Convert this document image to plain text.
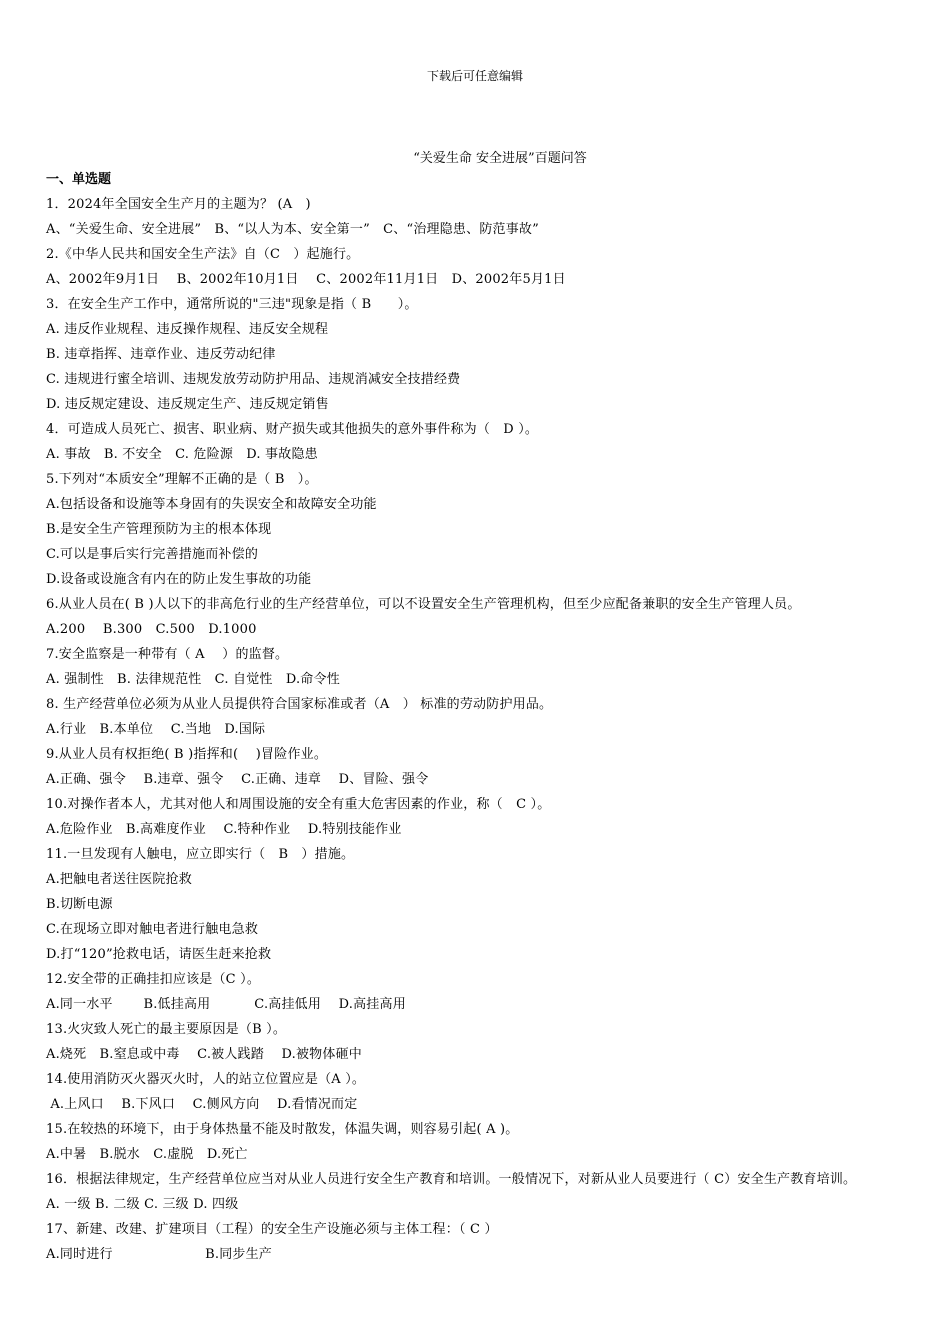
下载后可任意编辑
“关爱生命 安全进展”百题问答
一、单选题
1．2024年全国安全生产月的主题为？ (A　)
A、“关爱生命、安全进展”　B、“以人为本、安全第一”　C、“治理隐患、防范事故”
2.《中华人民共和国安全生产法》自（C　）起施行。
A、2002年9月1日　 B、2002年10月1日　 C、2002年11月1日　D、2002年5月1日
3．在安全生产工作中，通常所说的"三违"现象是指（ B　　）。
A. 违反作业规程、违反操作规程、违反安全规程
B. 违章指挥、违章作业、违反劳动纪律
C. 违规进行蜜全培训、违规发放劳动防护用品、违规消减安全技措经费
D. 违反规定建设、违反规定生产、违反规定销售
4．可造成人员死亡、损害、职业病、财产损失或其他损失的意外事件称为（　D ）。
A. 事故　B. 不安全　C. 危险源　D. 事故隐患
5.下列对“本质安全”理解不正确的是（ B　）。
A.包括设备和设施等本身固有的失误安全和故障安全功能
B.是安全生产管理预防为主的根本体现
C.可以是事后实行完善措施而补偿的
D.设备或设施含有内在的防止发生事故的功能
6.从业人员在( B )人以下的非高危行业的生产经营单位，可以不设置安全生产管理机构，但至少应配备兼职的安全生产管理人员。
A.200　 B.300　C.500　D.1000
7.安全监察是一种带有（ A　 ）的监督。
A. 强制性　B. 法律规范性　C. 自觉性　D.命令性
8. 生产经营单位必须为从业人员提供符合国家标准或者（A　） 标准的劳动防护用品。
A.行业　B.本单位　 C.当地　D.国际
9.从业人员有权拒绝( B )指挥和(　 )冒险作业。
A.正确、强令　 B.违章、强令　 C.正确、违章　 D、冒险、强令
10.对操作者本人，尤其对他人和周围设施的安全有重大危害因素的作业，称（　C ）。
A.危险作业　B.高难度作业　 C.特种作业　 D.特别技能作业
11.一旦发现有人触电，应立即实行（　B　）措施。
A.把触电者送往医院抢救
B.切断电源
C.在现场立即对触电者进行触电急救
D.打“120”抢救电话，请医生赶来抢救
12.安全带的正确挂扣应该是（C ）。
A.同一水平　　 B.低挂高用　　　 C.高挂低用　 D.高挂高用
13.火灾致人死亡的最主要原因是（B ）。
A.烧死　B.窒息或中毒　 C.被人践踏　 D.被物体砸中
14.使用消防灭火器灭火时，人的站立位置应是（A ）。
A.上风口　 B.下风口　 C.侧风方向　 D.看情况而定
15.在较热的环境下，由于身体热量不能及时散发，体温失调，则容易引起( A )。
A.中暑　B.脱水　C.虚脱　D.死亡
16．根据法律规定，生产经营单位应当对从业人员进行安全生产教育和培训。一般情况下，对新从业人员要进行（ C）安全生产教育培训。
A. 一级 B. 二级 C. 三级 D. 四级
17、新建、改建、扩建项目（工程）的安全生产设施必须与主体工程：（ C ）
A.同时进行　　　　　　　B.同步生产
